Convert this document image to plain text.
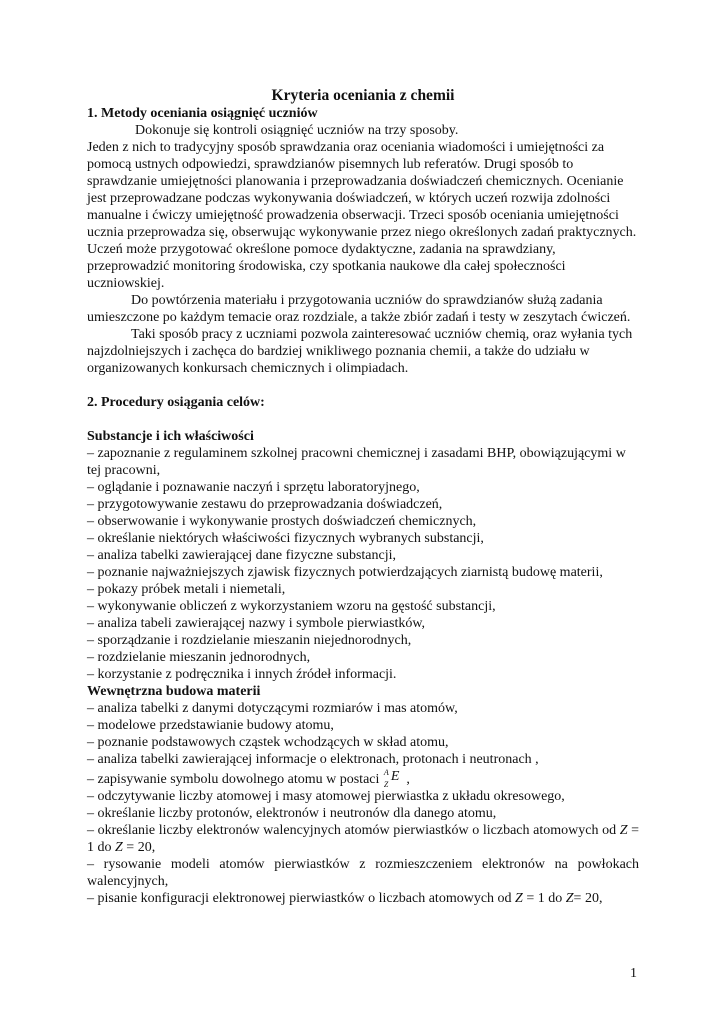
Kryteria oceniania z chemii

1. Metody oceniania osiągnięć uczniów

Dokonuje się kontroli osiągnięć uczniów na trzy sposoby.

Jeden z nich to tradycyjny sposób sprawdzania oraz oceniania wiadomości i umiejętności za pomocą ustnych odpowiedzi, sprawdzianów pisemnych lub referatów. Drugi sposób to sprawdzanie umiejętności planowania i przeprowadzania doświadczeń chemicznych. Ocenianie jest przeprowadzane podczas wykonywania doświadczeń, w których uczeń rozwija zdolności manualne i ćwiczy umiejętność prowadzenia obserwacji. Trzeci sposób oceniania umiejętności ucznia przeprowadza się, obserwując wykonywanie przez niego określonych zadań praktycznych. Uczeń może przygotować określone pomoce dydaktyczne, zadania na sprawdziany, przeprowadzić monitoring środowiska, czy spotkania naukowe dla całej społeczności uczniowskiej.

Do powtórzenia materiału i przygotowania uczniów do sprawdzianów służą zadania umieszczone po każdym temacie oraz rozdziale, a także zbiór zadań i testy w zeszytach ćwiczeń.

Taki sposób pracy z uczniami pozwola zainteresować uczniów chemią, oraz wyłania tych najzdolniejszych i zachęca do bardziej wnikliwego poznania chemii, a także do udziału w organizowanych konkursach chemicznych i olimpiadach.

2. Procedury osiągania celów:

Substancje i ich właściwości

– zapoznanie z regulaminem szkolnej pracowni chemicznej i zasadami BHP, obowiązującymi w tej pracowni,

– oglądanie i poznawanie naczyń i sprzętu laboratoryjnego,

– przygotowywanie zestawu do przeprowadzania doświadczeń,

– obserwowanie i wykonywanie prostych doświadczeń chemicznych,

– określanie niektórych właściwości fizycznych wybranych substancji,

– analiza tabelki zawierającej dane fizyczne substancji,

– poznanie najważniejszych zjawisk fizycznych potwierdzających ziarnistą budowę materii,

– pokazy próbek metali i niemetali,

– wykonywanie obliczeń z wykorzystaniem wzoru na gęstość substancji,

– analiza tabeli zawierającej nazwy i symbole pierwiastków,

– sporządzanie i rozdzielanie mieszanin niejednorodnych,

– rozdzielanie mieszanin jednorodnych,

– korzystanie z podręcznika i innych źródeł informacji.

Wewnętrzna budowa materii

– analiza tabelki z danymi dotyczącymi rozmiarów i mas atomów,

– modelowe przedstawianie budowy atomu,

– poznanie podstawowych cząstek wchodzących w skład atomu,

– analiza tabelki zawierającej informacje o elektronach, protonach i neutronach ,

– zapisywanie symbolu dowolnego atomu w postaci A
Z
E ,

– odczytywanie liczby atomowej i masy atomowej pierwiastka z układu okresowego,

– określanie liczby protonów, elektronów i neutronów dla danego atomu,

– określanie liczby elektronów walencyjnych atomów pierwiastków o liczbach atomowych od Z = 1 do Z = 20,

– rysowanie modeli atomów pierwiastków z rozmieszczeniem elektronów na powłokach walencyjnych,

– pisanie konfiguracji elektronowej pierwiastków o liczbach atomowych od Z = 1 do Z= 20,

1
